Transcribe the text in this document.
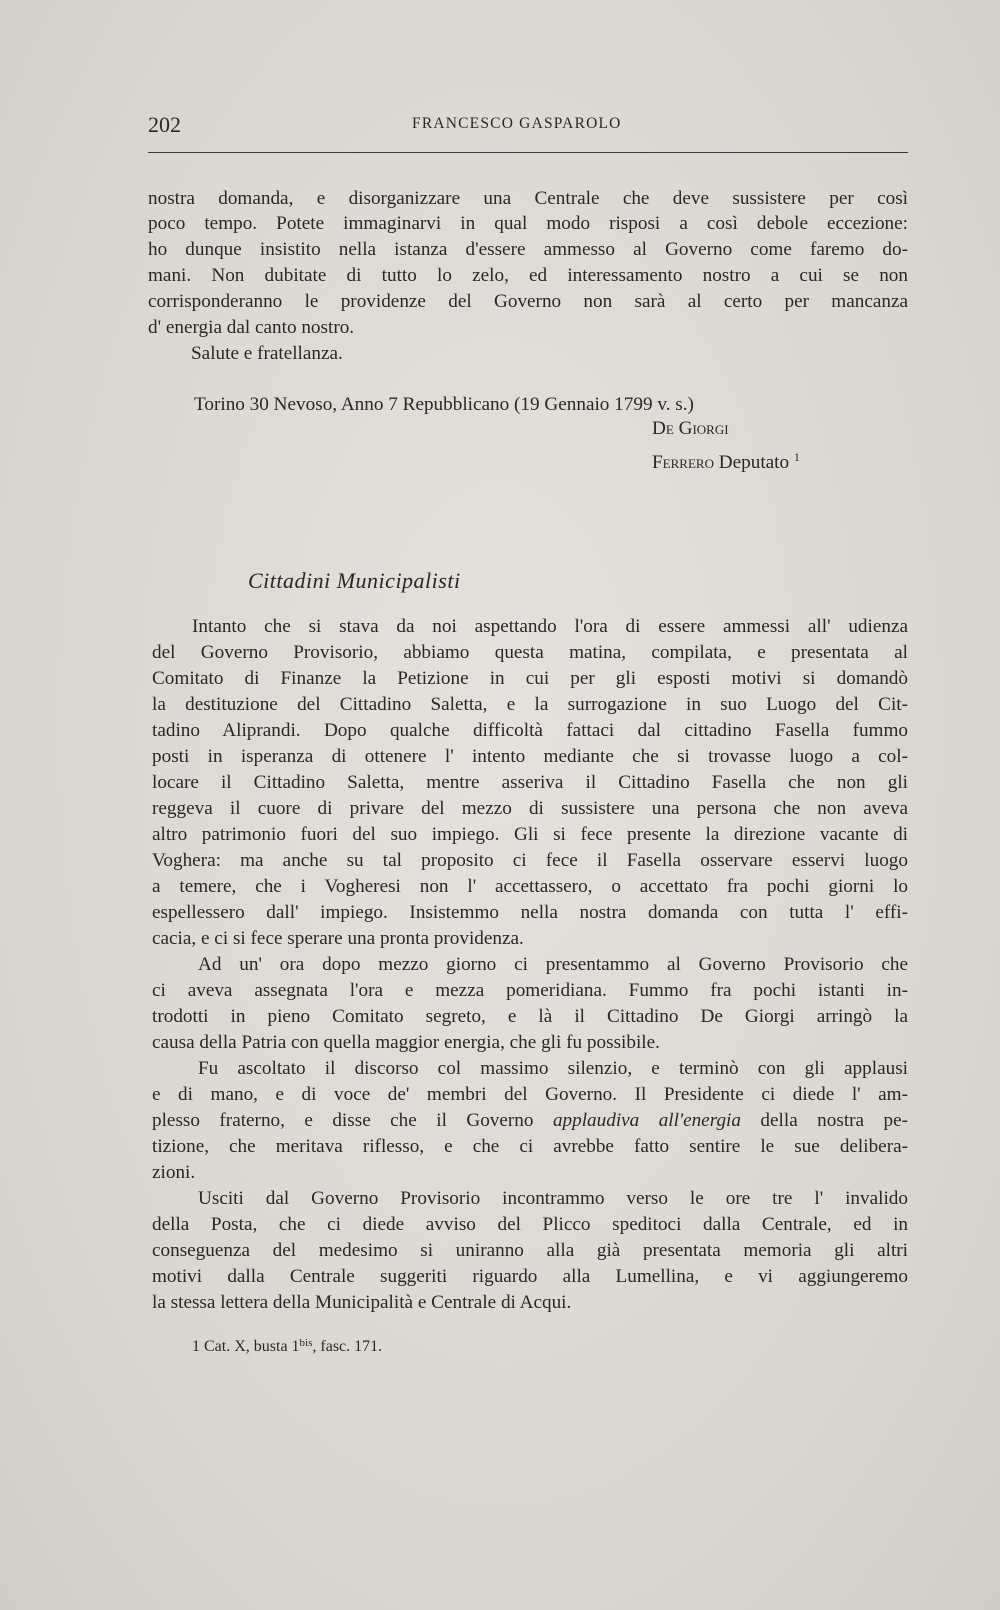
202	FRANCESCO GASPAROLO
nostra domanda, e disorganizzare una Centrale che deve sussistere per così
poco tempo. Potete immaginarvi in qual modo risposi a così debole eccezione:
ho dunque insistito nella istanza d'essere ammesso al Governo come faremo do-
mani. Non dubitate di tutto lo zelo, ed interessamento nostro a cui se non
corrisponderanno le providenze del Governo non sarà al certo per mancanza
d' energia dal canto nostro.
Salute e fratellanza.
Torino 30 Nevoso, Anno 7 Repubblicano (19 Gennaio 1799 v. s.)
De Giorgi
Ferrero Deputato $^1$
Cittadini Municipalisti
Intanto che si stava da noi aspettando l'ora di essere ammessi all' udienza
del Governo Provisorio, abbiamo questa matina, compilata, e presentata al
Comitato di Finanze la Petizione in cui per gli esposti motivi si domandò
la destituzione del Cittadino Saletta, e la surrogazione in suo Luogo del Cit-
tadino Aliprandi. Dopo qualche difficoltà fattaci dal cittadino Fasella fummo
posti in isperanza di ottenere l' intento mediante che si trovasse luogo a col-
locare il Cittadino Saletta, mentre asseriva il Cittadino Fasella che non gli
reggeva il cuore di privare del mezzo di sussistere una persona che non aveva
altro patrimonio fuori del suo impiego. Gli si fece presente la direzione vacante di
Voghera: ma anche su tal proposito ci fece il Fasella osservare esservi luogo
a temere, che i Vogheresi non l' accettassero, o accettato fra pochi giorni lo
espellessero dall' impiego. Insistemmo nella nostra domanda con tutta l' effi-
cacia, e ci si fece sperare una pronta providenza.
Ad un' ora dopo mezzo giorno ci presentammo al Governo Provisorio che
ci aveva assegnata l'ora e mezza pomeridiana. Fummo fra pochi istanti in-
trodotti in pieno Comitato segreto, e là il Cittadino De Giorgi arringò la
causa della Patria con quella maggior energia, che gli fu possibile.
Fu ascoltato il discorso col massimo silenzio, e terminò con gli applausi
e di mano, e di voce de' membri del Governo. Il Presidente ci diede l' am-
plesso fraterno, e disse che il Governo applaudiva all'energia della nostra pe-
tizione, che meritava riflesso, e che ci avrebbe fatto sentire le sue delibera-
zioni.
Usciti dal Governo Provisorio incontrammo verso le ore tre l' invalido
della Posta, che ci diede avviso del Plicco speditoci dalla Centrale, ed in
conseguenza del medesimo si uniranno alla già presentata memoria gli altri
motivi dalla Centrale suggeriti riguardo alla Lumellina, e vi aggiungeremo
la stessa lettera della Municipalità e Centrale di Acqui.
1 Cat. X, busta $1^{bis}$, fasc. 171.
